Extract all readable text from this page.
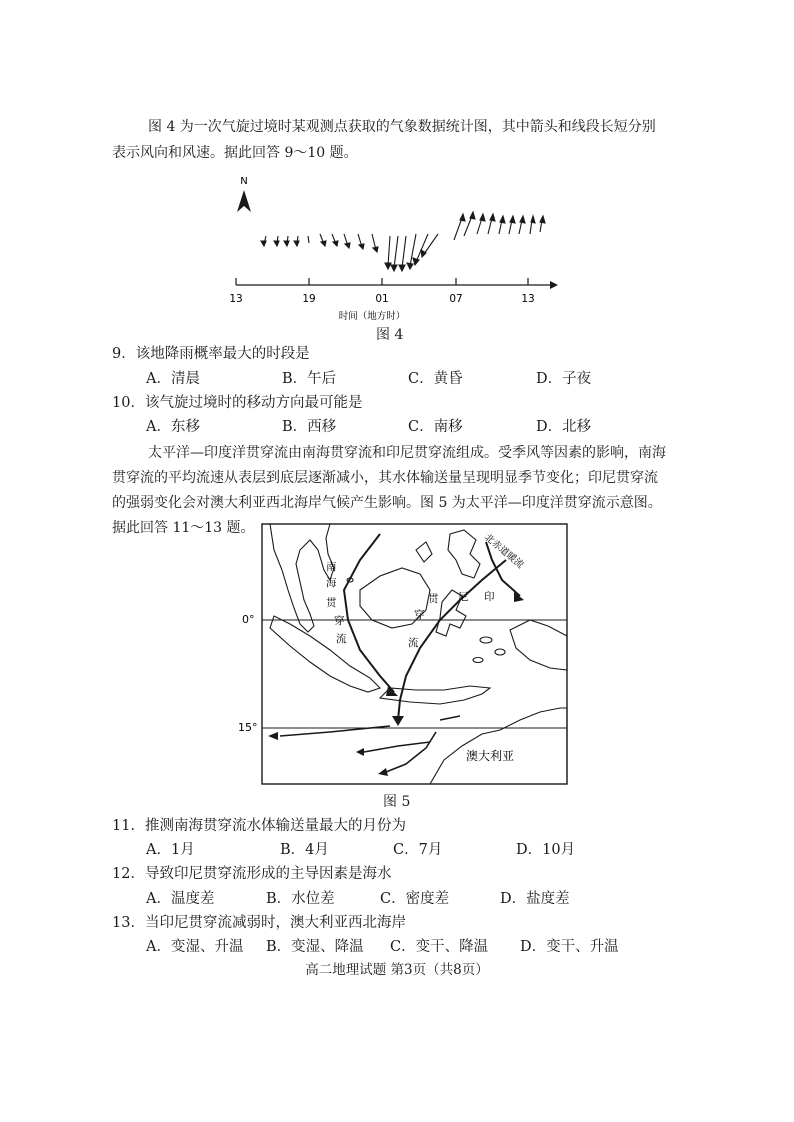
图 4 为一次气旋过境时某观测点获取的气象数据统计图，其中箭头和线段长短分别
表示风向和风速。据此回答 9～10 题。
N
13	19	01	07	13
时间（地方时）
图 4
9．该地降雨概率最大的时段是
A．清晨	B．午后	C．黄昏	D．子夜
10．该气旋过境时的移动方向最可能是
A．东移	B．西移	C．南移	D．北移
太平洋—印度洋贯穿流由南海贯穿流和印尼贯穿流组成。受季风等因素的影响，南海
贯穿流的平均流速从表层到底层逐渐减小，其水体输送量呈现明显季节变化；印尼贯穿流
的强弱变化会对澳大利亚西北海岸气候产生影响。图 5 为太平洋—印度洋贯穿流示意图。
据此回答 11～13 题。
0°
15°
南
海
贯
穿
流
印
尼
贯
穿
流
北赤道暖流
澳大利亚
图 5
11．推测南海贯穿流水体输送量最大的月份为
A．1月	B．4月	C．7月	D．10月
12．导致印尼贯穿流形成的主导因素是海水
A．温度差	B．水位差	C．密度差	D．盐度差
13．当印尼贯穿流减弱时，澳大利亚西北海岸
A．变湿、升温 B．变湿、降温 C．变干、降温 D．变干、升温
高二地理试题 第3页（共8页）
